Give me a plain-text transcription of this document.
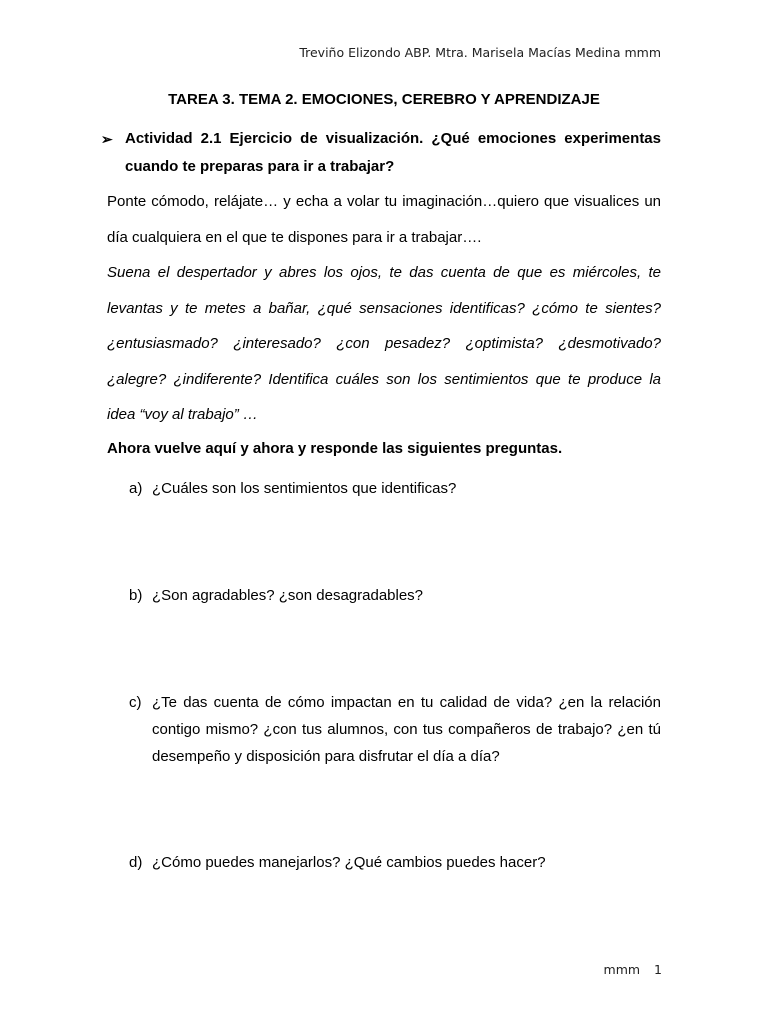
Treviño Elizondo ABP. Mtra. Marisela Macías Medina mmm
TAREA 3. TEMA 2. EMOCIONES, CEREBRO Y APRENDIZAJE
➢ Actividad 2.1 Ejercicio de visualización. ¿Qué emociones experimentas cuando te preparas para ir a trabajar?
Ponte cómodo, relájate… y echa a volar tu imaginación…quiero que visualices un día cualquiera en el que te dispones para ir a trabajar….
Suena el despertador y abres los ojos, te das cuenta de que es miércoles, te levantas y te metes a bañar, ¿qué sensaciones identificas? ¿cómo te sientes? ¿entusiasmado? ¿interesado? ¿con pesadez? ¿optimista? ¿desmotivado? ¿alegre? ¿indiferente? Identifica cuáles son los sentimientos que te produce la idea “voy al trabajo” …
Ahora vuelve aquí y ahora y responde las siguientes preguntas.
a) ¿Cuáles son los sentimientos que identificas?
b) ¿Son agradables? ¿son desagradables?
c) ¿Te das cuenta de cómo impactan en tu calidad de vida? ¿en la relación contigo mismo? ¿con tus alumnos, con tus compañeros de trabajo? ¿en tú desempeño y disposición para disfrutar el día a día?
d) ¿Cómo puedes manejarlos? ¿Qué cambios puedes hacer?
mmm 1
